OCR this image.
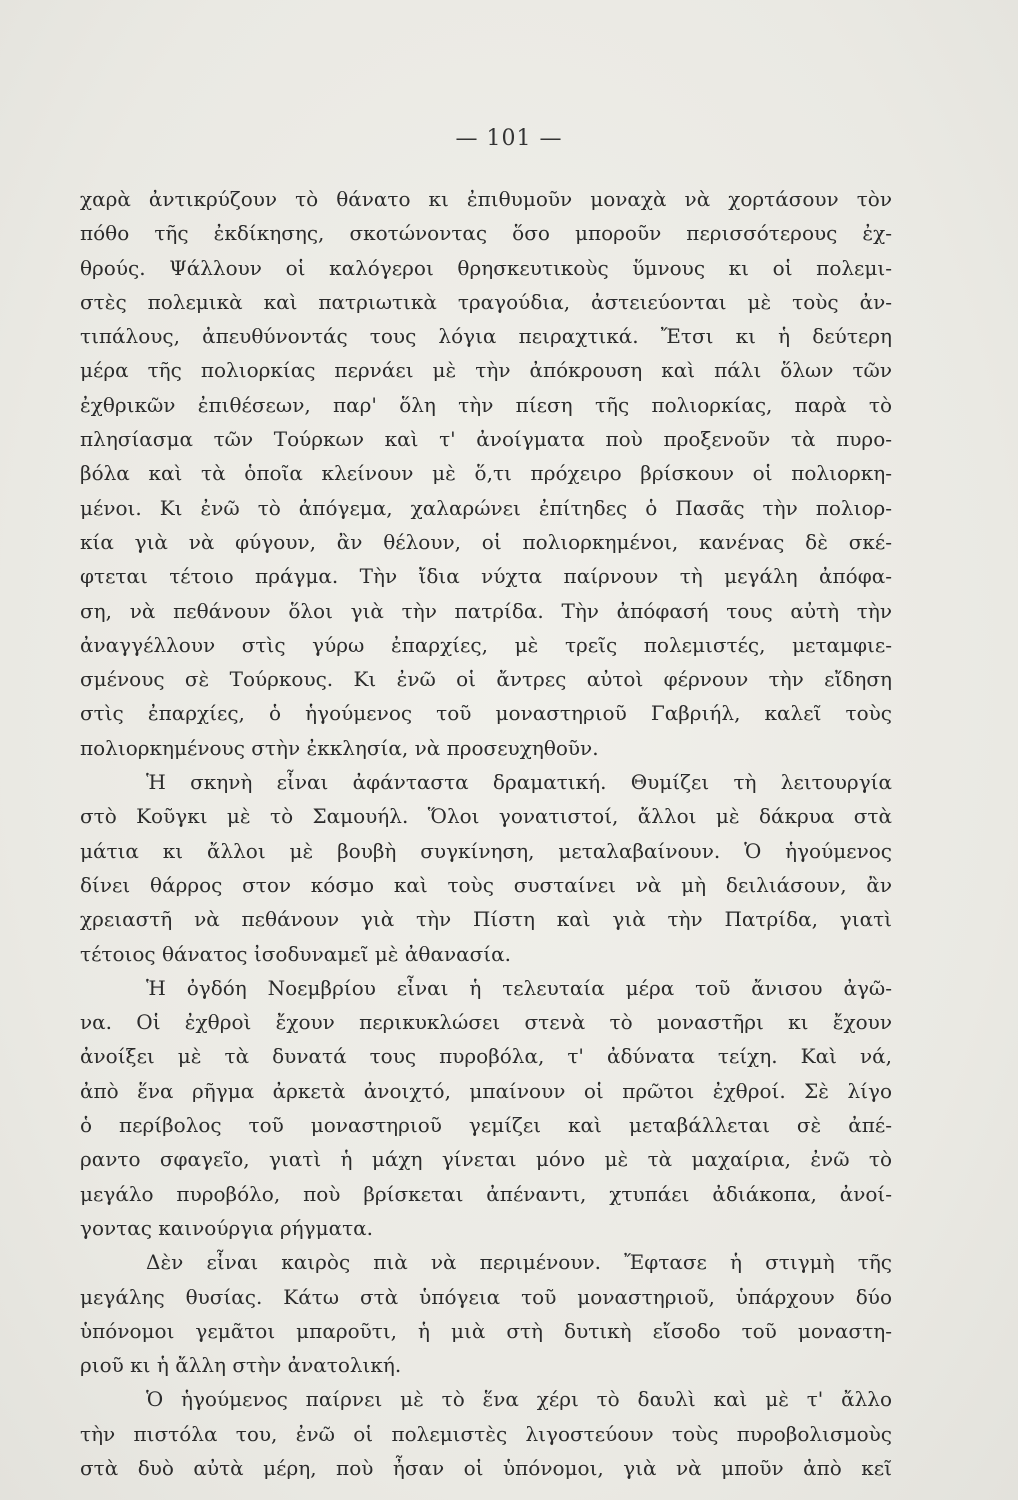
— 101 —
χαρὰ ἀντικρύζουν τὸ θάνατο κι ἐπιθυμοῦν μοναχὰ νὰ χορτάσουν τὸν
πόθο τῆς ἐκδίκησης, σκοτώνοντας ὅσο μποροῦν περισσότερους ἐχ-
θρούς. Ψάλλουν οἱ καλόγεροι θρησκευτικοὺς ὕμνους κι οἱ πολεμι-
στὲς πολεμικὰ καὶ πατριωτικὰ τραγούδια, ἀστειεύονται μὲ τοὺς ἀν-
τιπάλους, ἀπευθύνοντάς τους λόγια πειραχτικά. Ἔτσι κι ἡ δεύτερη
μέρα τῆς πολιορκίας περνάει μὲ τὴν ἀπόκρουση καὶ πάλι ὅλων τῶν
ἐχθρικῶν ἐπιθέσεων, παρ' ὅλη τὴν πίεση τῆς πολιορκίας, παρὰ τὸ
πλησίασμα τῶν Τούρκων καὶ τ' ἀνοίγματα ποὺ προξενοῦν τὰ πυρο-
βόλα καὶ τὰ ὁποῖα κλείνουν μὲ ὅ,τι πρόχειρο βρίσκουν οἱ πολιορκη-
μένοι. Κι ἐνῶ τὸ ἀπόγεμα, χαλαρώνει ἐπίτηδες ὁ Πασᾶς τὴν πολιορ-
κία γιὰ νὰ φύγουν, ἂν θέλουν, οἱ πολιορκημένοι, κανένας δὲ σκέ-
φτεται τέτοιο πράγμα. Τὴν ἴδια νύχτα παίρνουν τὴ μεγάλη ἀπόφα-
ση, νὰ πεθάνουν ὅλοι γιὰ τὴν πατρίδα. Τὴν ἀπόφασή τους αὐτὴ τὴν
ἀναγγέλλουν στὶς γύρω ἐπαρχίες, μὲ τρεῖς πολεμιστές, μεταμφιε-
σμένους σὲ Τούρκους. Κι ἐνῶ οἱ ἄντρες αὐτοὶ φέρνουν τὴν εἴδηση
στὶς ἐπαρχίες, ὁ ἡγούμενος τοῦ μοναστηριοῦ Γαβριήλ, καλεῖ τοὺς
πολιορκημένους στὴν ἐκκλησία, νὰ προσευχηθοῦν.
Ἡ σκηνὴ εἶναι ἀφάνταστα δραματική. Θυμίζει τὴ λειτουργία
στὸ Κοῦγκι μὲ τὸ Σαμουήλ. Ὅλοι γονατιστοί, ἄλλοι μὲ δάκρυα στὰ
μάτια κι ἄλλοι μὲ βουβὴ συγκίνηση, μεταλαβαίνουν. Ὁ ἡγούμενος
δίνει θάρρος στον κόσμο καὶ τοὺς συσταίνει νὰ μὴ δειλιάσουν, ἂν
χρειαστῆ νὰ πεθάνουν γιὰ τὴν Πίστη καὶ γιὰ τὴν Πατρίδα, γιατὶ
τέτοιος θάνατος ἰσοδυναμεῖ μὲ ἀθανασία.
Ἡ ὀγδόη Νοεμβρίου εἶναι ἡ τελευταία μέρα τοῦ ἄνισου ἀγῶ-
να. Οἱ ἐχθροὶ ἔχουν περικυκλώσει στενὰ τὸ μοναστῆρι κι ἔχουν
ἀνοίξει μὲ τὰ δυνατά τους πυροβόλα, τ' ἀδύνατα τείχη. Καὶ νά,
ἀπὸ ἕνα ρῆγμα ἀρκετὰ ἀνοιχτό, μπαίνουν οἱ πρῶτοι ἐχθροί. Σὲ λίγο
ὁ περίβολος τοῦ μοναστηριοῦ γεμίζει καὶ μεταβάλλεται σὲ ἀπέ-
ραντο σφαγεῖο, γιατὶ ἡ μάχη γίνεται μόνο μὲ τὰ μαχαίρια, ἐνῶ τὸ
μεγάλο πυροβόλο, ποὺ βρίσκεται ἀπέναντι, χτυπάει ἀδιάκοπα, ἀνοί-
γοντας καινούργια ρήγματα.
Δὲν εἶναι καιρὸς πιὰ νὰ περιμένουν. Ἔφτασε ἡ στιγμὴ τῆς
μεγάλης θυσίας. Κάτω στὰ ὑπόγεια τοῦ μοναστηριοῦ, ὑπάρχουν δύο
ὑπόνομοι γεμᾶτοι μπαροῦτι, ἡ μιὰ στὴ δυτικὴ εἴσοδο τοῦ μοναστη-
ριοῦ κι ἡ ἄλλη στὴν ἀνατολική.
Ὁ ἡγούμενος παίρνει μὲ τὸ ἕνα χέρι τὸ δαυλὶ καὶ μὲ τ' ἄλλο
τὴν πιστόλα του, ἐνῶ οἱ πολεμιστὲς λιγοστεύουν τοὺς πυροβολισμοὺς
στὰ δυὸ αὐτὰ μέρη, ποὺ ἦσαν οἱ ὑπόνομοι, γιὰ νὰ μποῦν ἀπὸ κεῖ
